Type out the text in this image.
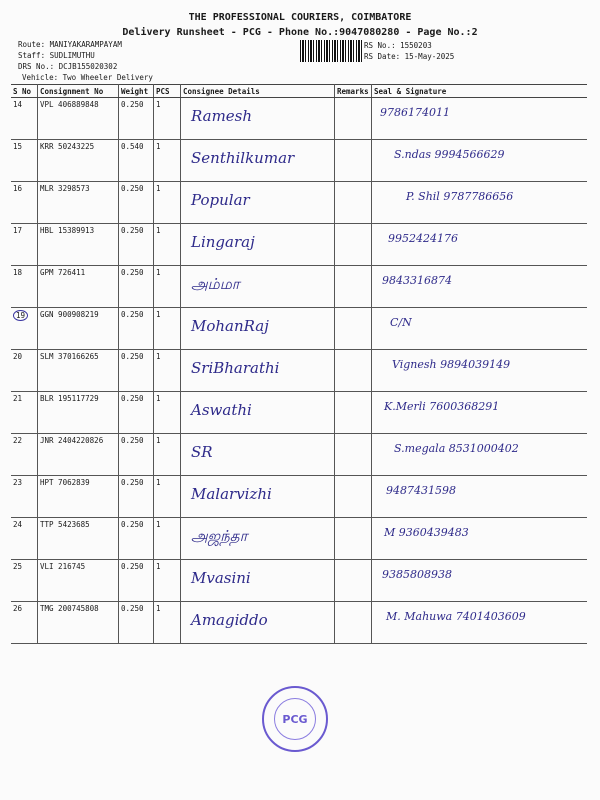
THE PROFESSIONAL COURIERS, COIMBATORE
Delivery Runsheet - PCG - Phone No.:9047080280 - Page No.:2
Route: MANIYAKARAMPAYAM
Staff: SUDLIMUTHU
DRS No.: DCJB155020302
Vehicle: Two Wheeler Delivery
RS No.: 1550203
RS Date: 15-May-2025
S No	Consignment No	Weight	PCS	Consignee Details	Remarks	Seal & Signature
14	VPL 406889848	0.250	1	Ramesh		9786174011

15	KRR 50243225	0.540	1	Senthilkumar		S.ndas 9994566629

16	MLR 3298573	0.250	1	Popular		P. Shil 9787786656

17	HBL 15389913	0.250	1	Lingaraj		9952424176

18	GPM 726411	0.250	1	அம்மா		9843316874

19	GGN 900908219	0.250	1	MohanRaj		C/N

20	SLM 370166265	0.250	1	SriBharathi		Vignesh 9894039149

21	BLR 195117729	0.250	1	Aswathi		K.Merli 7600368291

22	JNR 2404220826	0.250	1	SR		S.megala 8531000402

23	HPT 7062839	0.250	1	Malarvizhi		9487431598

24	TTP 5423685	0.250	1	அஜந்தா		M 9360439483

25	VLI 216745	0.250	1	Mvasini		9385808938

26	TMG 200745808	0.250	1	Amagiddo		M. Mahuwa 7401403609
PCG
